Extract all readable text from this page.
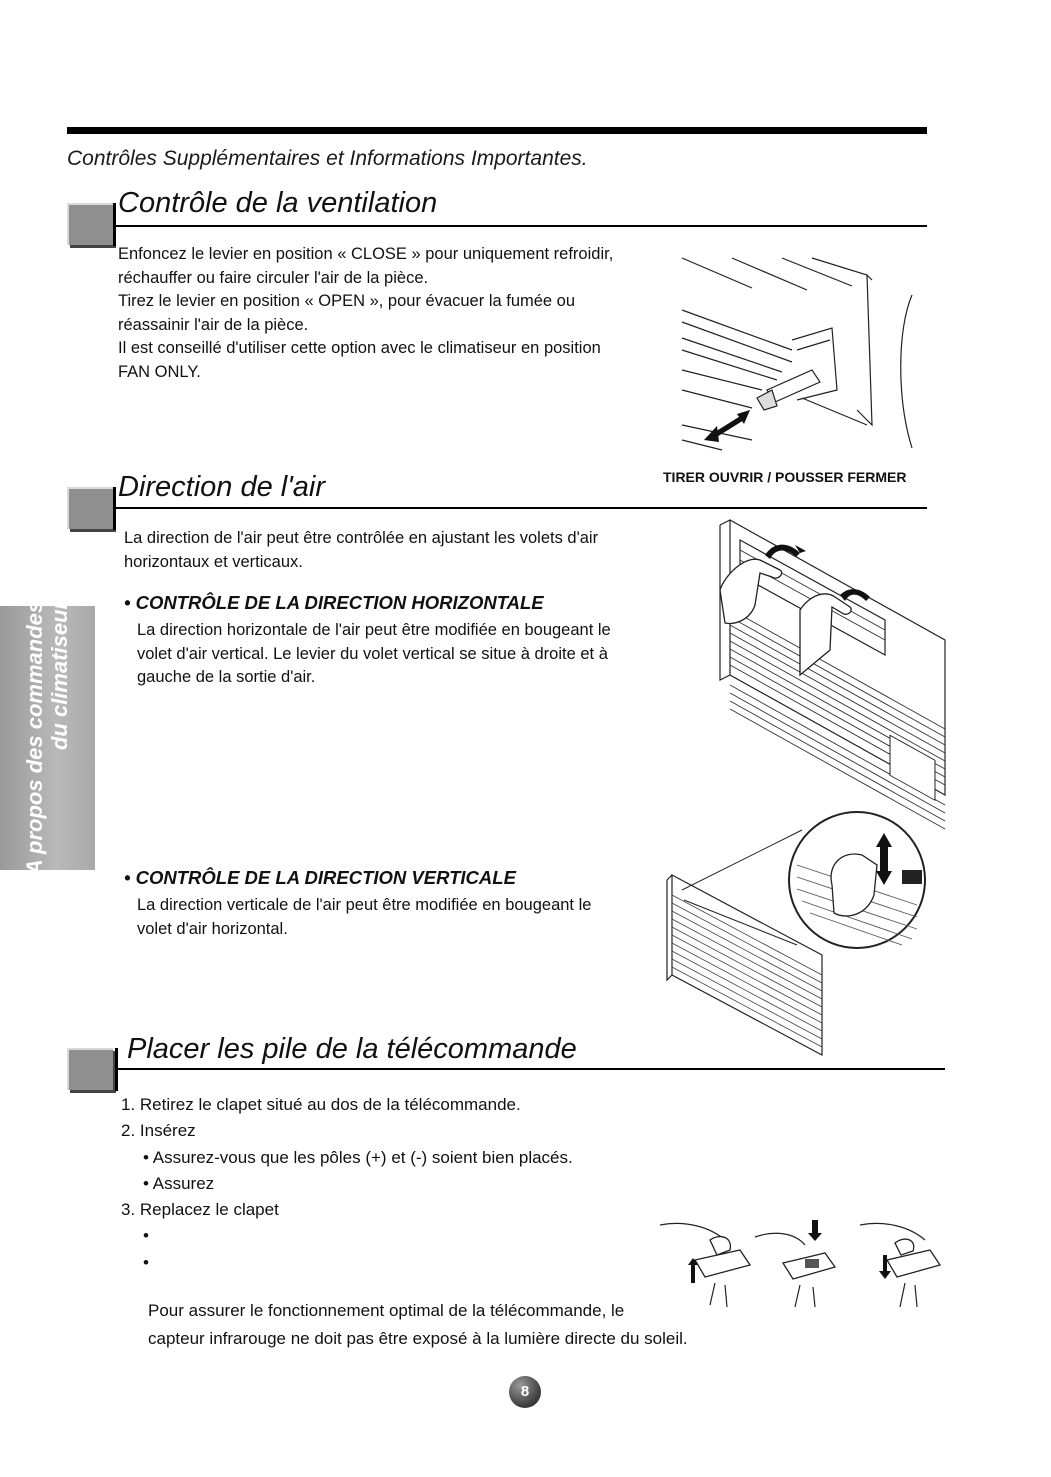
Contrôles Supplémentaires et Informations Importantes.
A propos des commandes du climatiseur
Contrôle de la ventilation
Enfoncez le levier en position « CLOSE » pour uniquement refroidir,
réchauffer ou faire circuler l'air de la pièce.
Tirez le levier en position « OPEN », pour évacuer la fumée ou
réassainir l'air de la pièce.
Il est conseillé d'utiliser cette option avec le climatiseur en position
FAN ONLY.
TIRER OUVRIR / POUSSER FERMER
Direction de l'air
La direction de l'air peut être contrôlée en ajustant les volets d'air
horizontaux et verticaux.
• CONTRÔLE DE LA DIRECTION HORIZONTALE
La direction horizontale de l'air peut être modifiée en bougeant le
volet d'air vertical. Le levier du volet vertical se situe à droite et à
gauche de la sortie d'air.
• CONTRÔLE DE LA DIRECTION VERTICALE
La direction verticale de l'air peut être modifiée en bougeant le
volet d'air horizontal.
Placer les pile de la télécommande
1. Retirez le clapet situé au dos de la télécommande.
2. Insérez
• Assurez-vous que les pôles (+) et (-) soient bien placés.
• Assurez
3. Replacez le clapet
•
•
Pour assurer le fonctionnement optimal de la télécommande, le
capteur infrarouge ne doit pas être exposé à la lumière directe du soleil.
8
